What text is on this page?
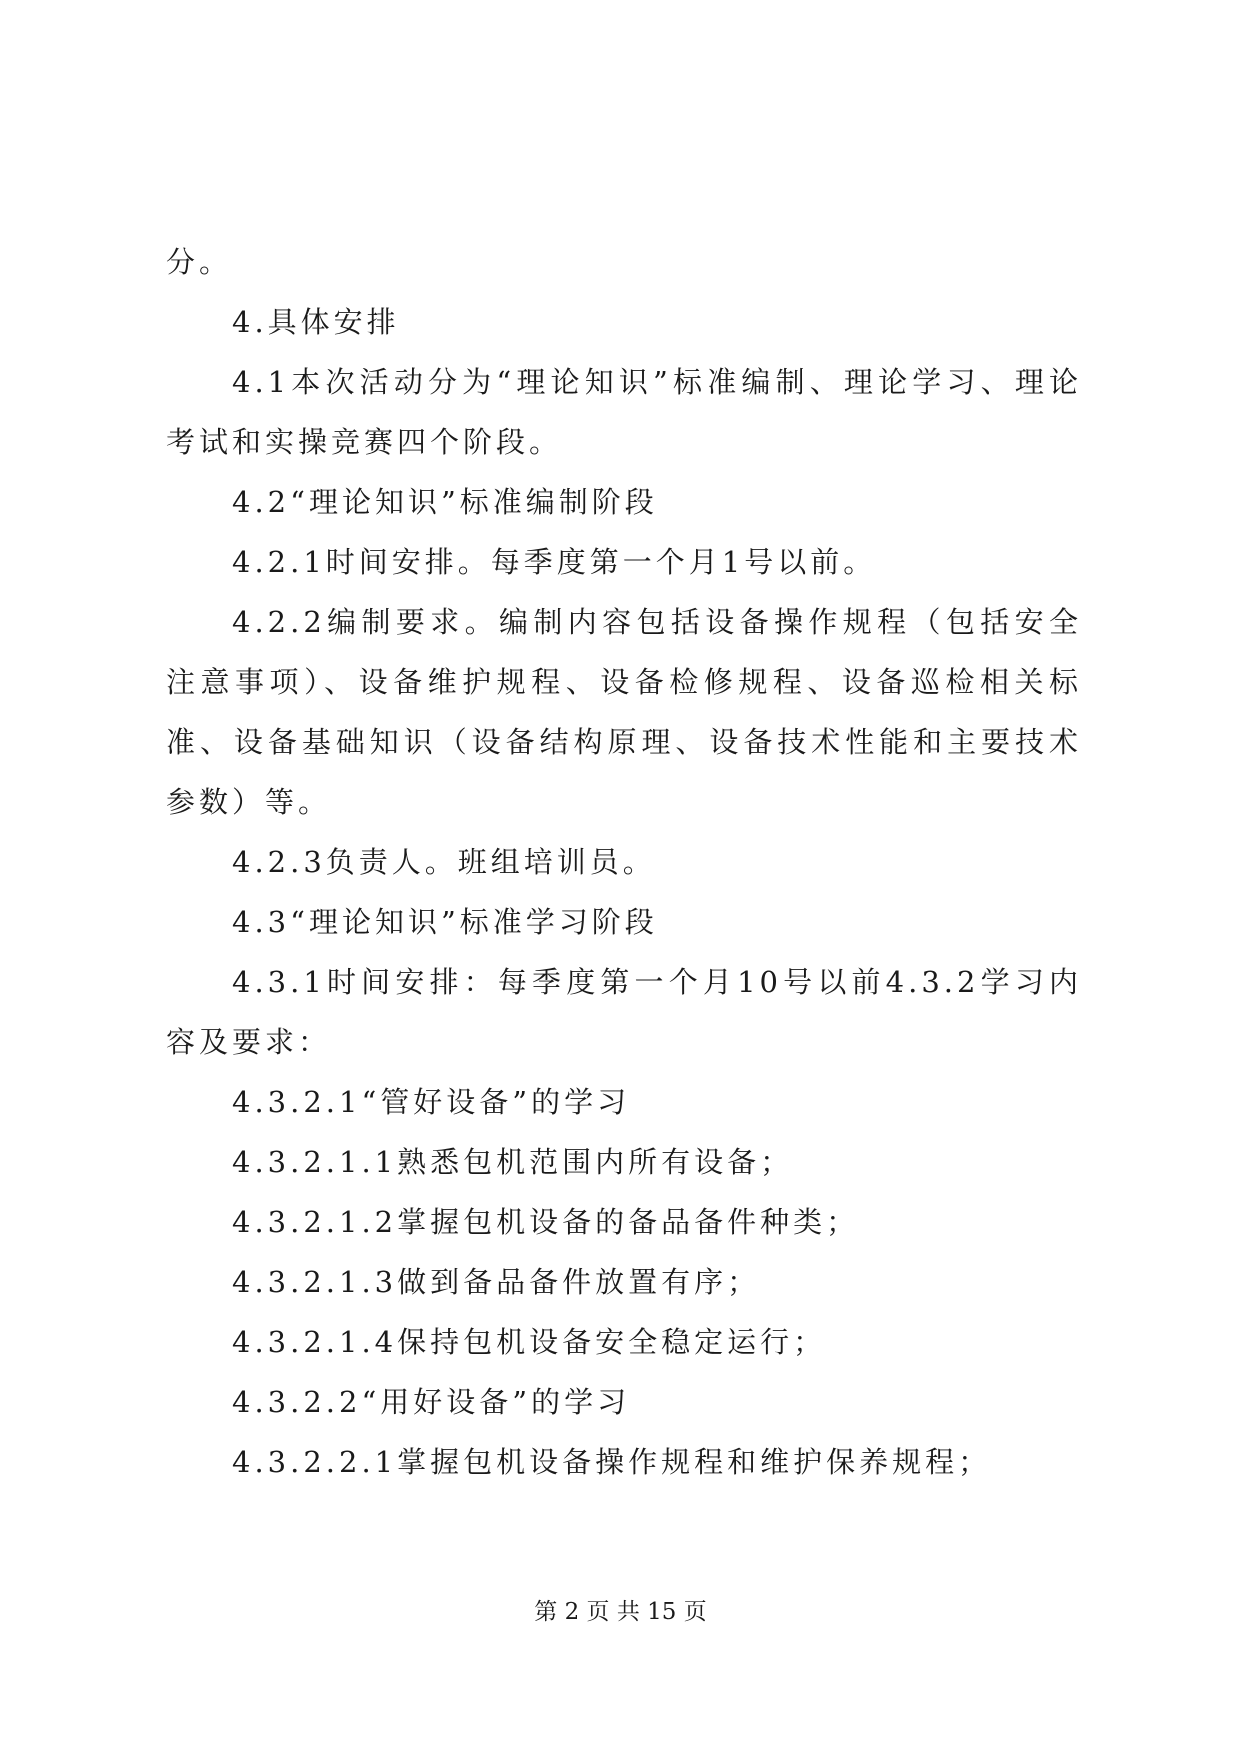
分。

4.具体安排

4.1本次活动分为“理论知识”标准编制、理论学习、理论考试和实操竞赛四个阶段。

4.2“理论知识”标准编制阶段

4.2.1时间安排。每季度第一个月1号以前。

4.2.2编制要求。编制内容包括设备操作规程（包括安全注意事项）、设备维护规程、设备检修规程、设备巡检相关标准、设备基础知识（设备结构原理、设备技术性能和主要技术参数）等。

4.2.3负责人。班组培训员。

4.3“理论知识”标准学习阶段

4.3.1时间安排：每季度第一个月10号以前4.3.2学习内容及要求：

4.3.2.1“管好设备”的学习

4.3.2.1.1熟悉包机范围内所有设备；

4.3.2.1.2掌握包机设备的备品备件种类；

4.3.2.1.3做到备品备件放置有序；

4.3.2.1.4保持包机设备安全稳定运行；

4.3.2.2“用好设备”的学习

4.3.2.2.1掌握包机设备操作规程和维护保养规程；

第 2 页 共 15 页
